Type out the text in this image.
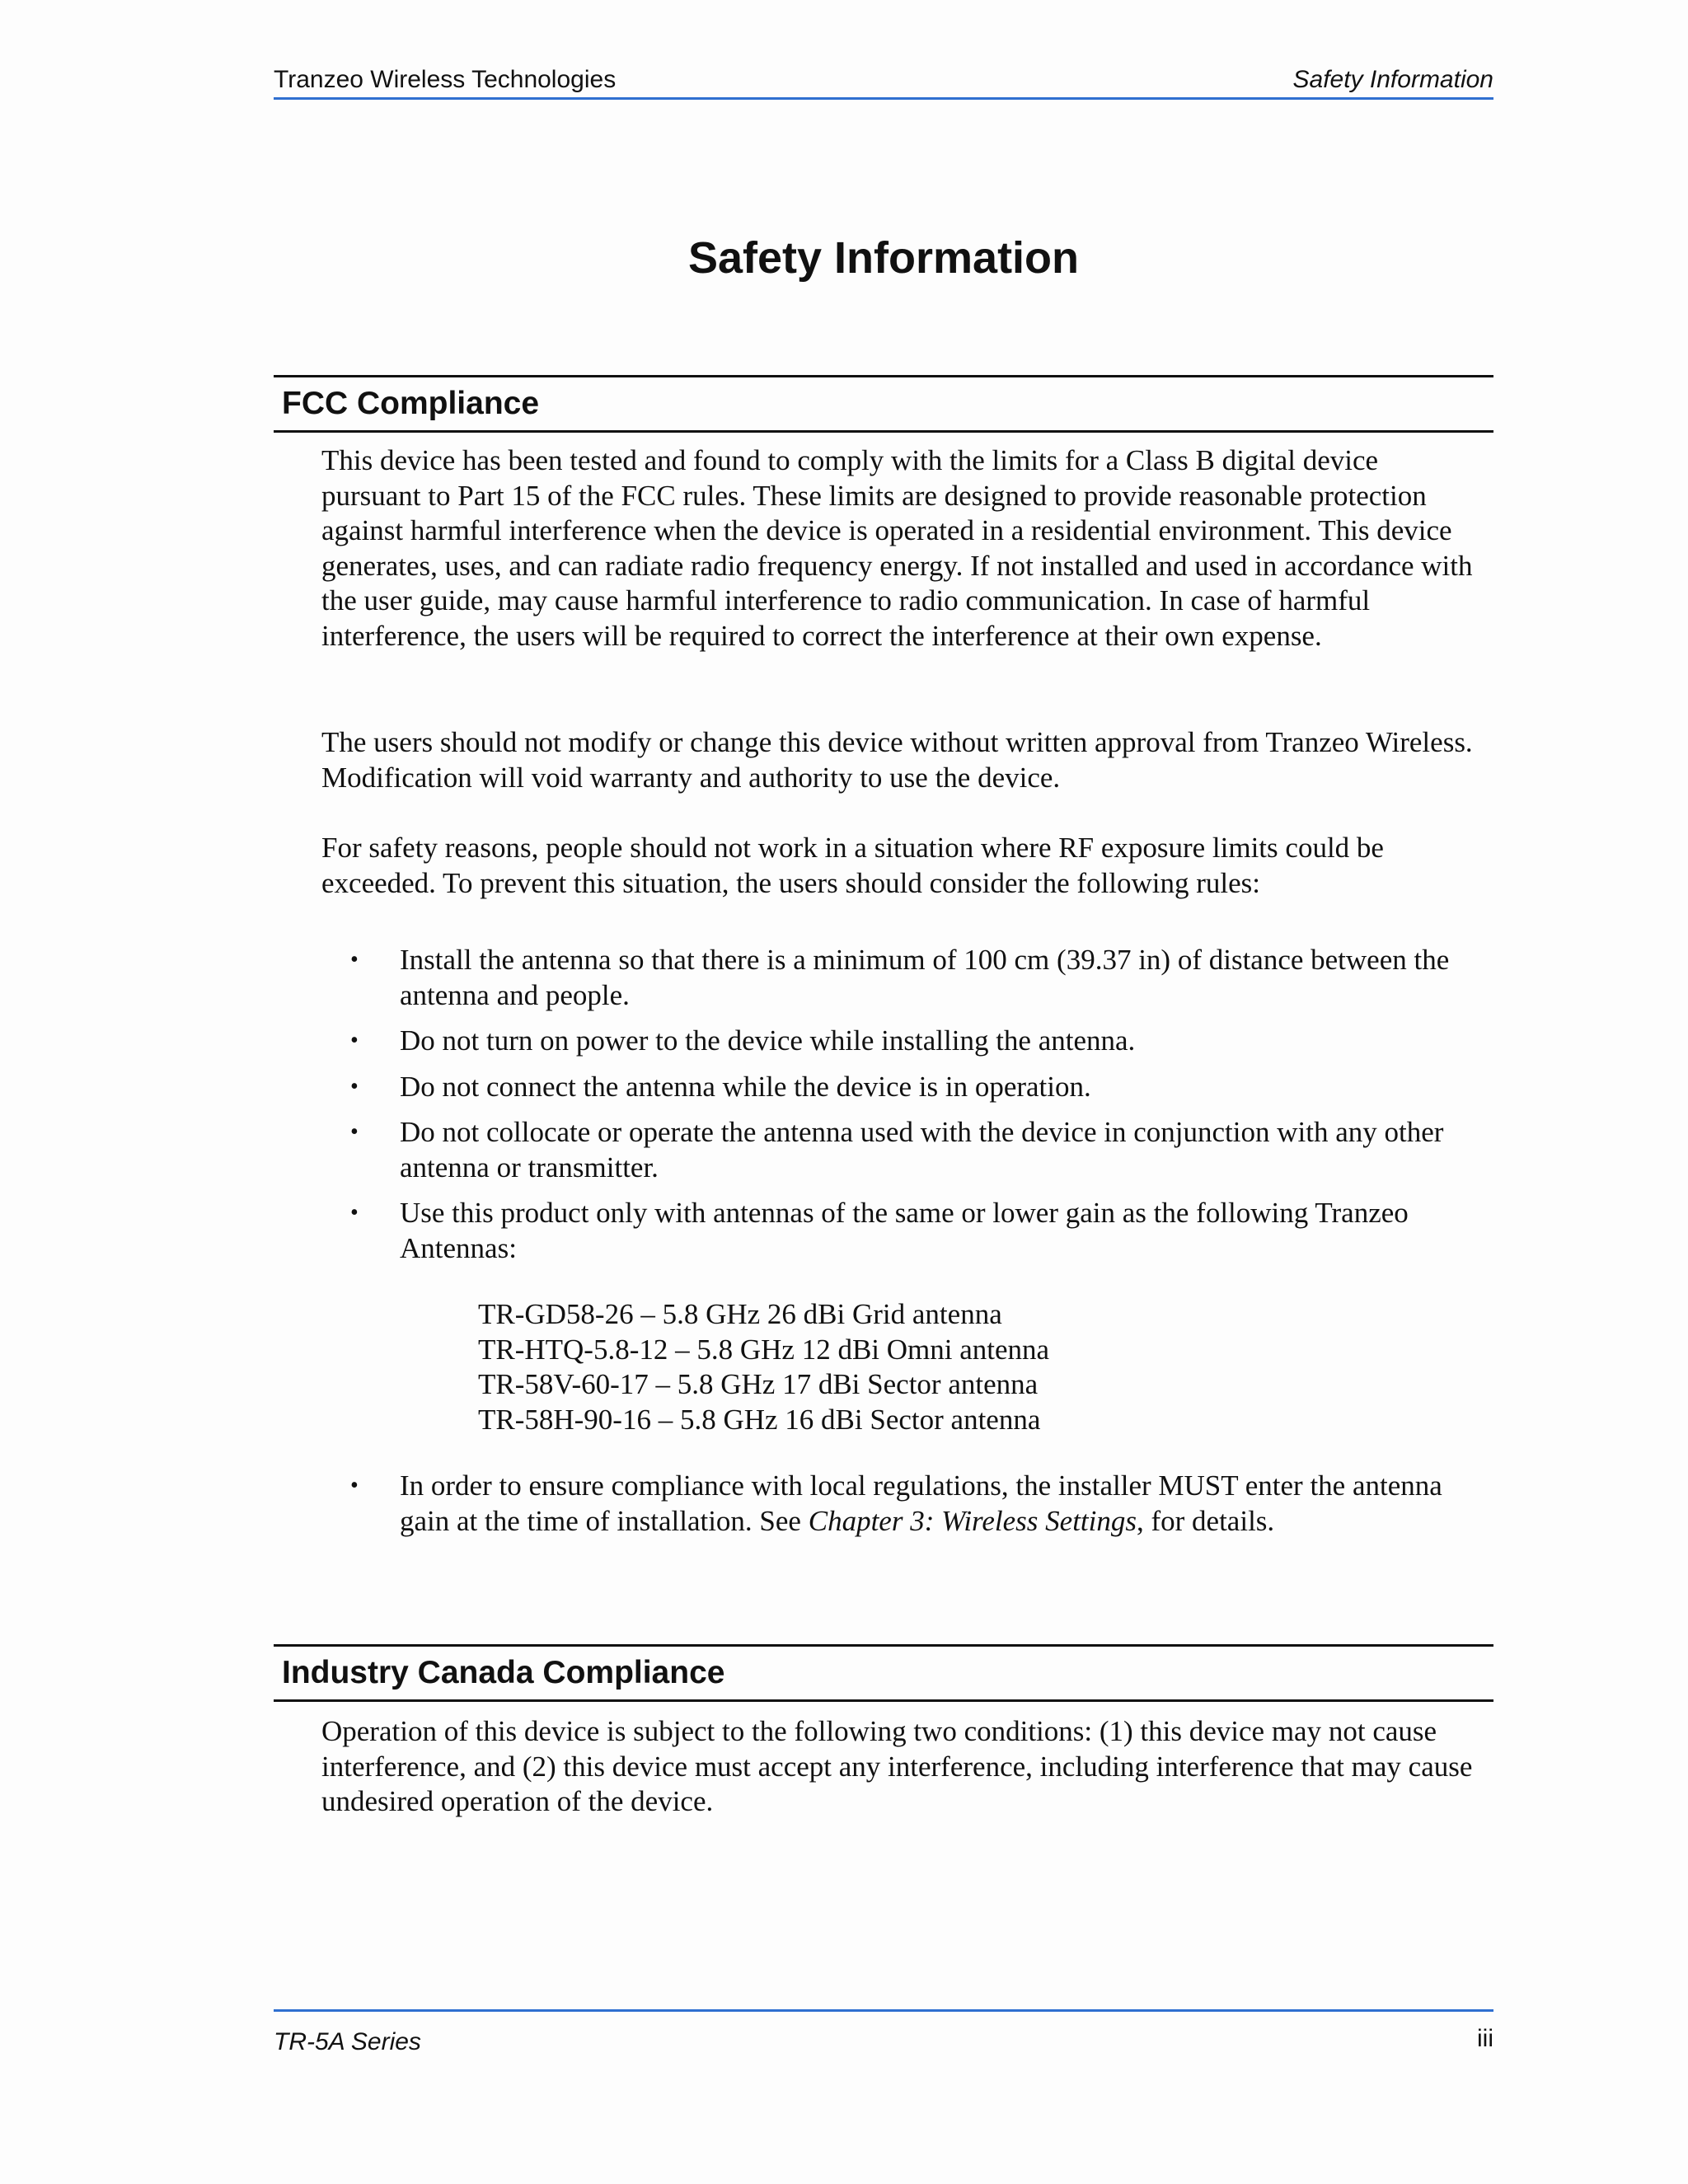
Tranzeo Wireless Technologies	Safety Information
Safety Information
FCC Compliance

This device has been tested and found to comply with the limits for a Class B digital device pursuant to Part 15 of the FCC rules. These limits are designed to provide reasonable protection against harmful interference when the device is operated in a residential environment. This device generates, uses, and can radiate radio frequency energy. If not installed and used in accordance with the user guide, may cause harmful interference to radio communication. In case of harmful interference, the users will be required to correct the interference at their own expense.

The users should not modify or change this device without written approval from Tranzeo Wireless. Modification will void warranty and authority to use the device.

For safety reasons, people should not work in a situation where RF exposure limits could be exceeded. To prevent this situation, the users should consider the following rules:

• Install the antenna so that there is a minimum of 100 cm (39.37 in) of distance between the antenna and people.
• Do not turn on power to the device while installing the antenna.
• Do not connect the antenna while the device is in operation.
• Do not collocate or operate the antenna used with the device in conjunction with any other antenna or transmitter.
• Use this product only with antennas of the same or lower gain as the following Tranzeo Antennas:
TR-GD58-26 – 5.8 GHz 26 dBi Grid antenna
TR-HTQ-5.8-12 – 5.8 GHz 12 dBi Omni antenna
TR-58V-60-17 – 5.8 GHz 17 dBi Sector antenna
TR-58H-90-16 – 5.8 GHz 16 dBi Sector antenna
• In order to ensure compliance with local regulations, the installer MUST enter the antenna gain at the time of installation. See Chapter 3: Wireless Settings, for details.
Industry Canada Compliance

Operation of this device is subject to the following two conditions: (1) this device may not cause interference, and (2) this device must accept any interference, including interference that may cause undesired operation of the device.

TR-5A Series	iii
